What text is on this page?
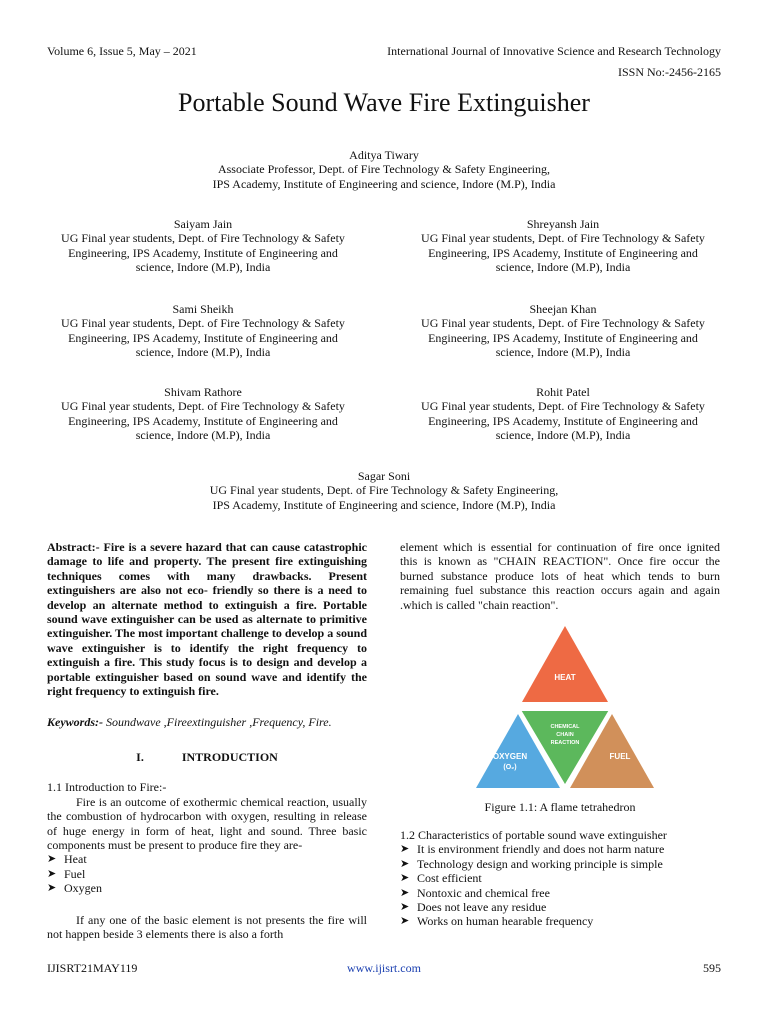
Volume 6, Issue 5, May – 2021	International Journal of Innovative Science and Research Technology
ISSN No:-2456-2165
Portable Sound Wave Fire Extinguisher
Aditya Tiwary
Associate Professor, Dept. of Fire Technology & Safety Engineering,
IPS Academy, Institute of Engineering and science, Indore (M.P), India
Saiyam Jain
UG Final year students, Dept. of Fire Technology & Safety
Engineering, IPS Academy, Institute of Engineering and
science, Indore (M.P), India
Shreyansh Jain
UG Final year students, Dept. of Fire Technology & Safety
Engineering, IPS Academy, Institute of Engineering and
science, Indore (M.P), India
Sami Sheikh
UG Final year students, Dept. of Fire Technology & Safety
Engineering, IPS Academy, Institute of Engineering and
science, Indore (M.P), India
Sheejan Khan
UG Final year students, Dept. of Fire Technology & Safety
Engineering, IPS Academy, Institute of Engineering and
science, Indore (M.P), India
Shivam Rathore
UG Final year students, Dept. of Fire Technology & Safety
Engineering, IPS Academy, Institute of Engineering and
science, Indore (M.P), India
Rohit Patel
UG Final year students, Dept. of Fire Technology & Safety
Engineering, IPS Academy, Institute of Engineering and
science, Indore (M.P), India
Sagar Soni
UG Final year students, Dept. of Fire Technology & Safety Engineering,
IPS Academy, Institute of Engineering and science, Indore (M.P), India

Abstract:- Fire is a severe hazard that can cause catastrophic damage to life and property. The present fire extinguishing techniques comes with many drawbacks. Present extinguishers are also not eco- friendly so there is a need to develop an alternate method to extinguish a fire. Portable sound wave extinguisher can be used as alternate to primitive extinguisher. The most important challenge to develop a sound wave extinguisher is to identify the right frequency to extinguish a fire. This study focus is to design and develop a portable extinguisher based on sound wave and identify the right frequency to extinguish fire.

Keywords:- Soundwave ,Fireextinguisher ,Frequency, Fire.

I.	INTRODUCTION

1.1 Introduction to Fire:-

Fire is an outcome of exothermic chemical reaction, usually the combustion of hydrocarbon with oxygen, resulting in release of huge energy in form of heat, light and sound. Three basic components must be present to produce fire they are-

➤ Heat
➤ Fuel
➤ Oxygen

If any one of the basic element is not presents the fire will not happen beside 3 elements there is also a forth

element which is essential for continuation of fire once ignited this is known as "CHAIN REACTION". Once fire occur the burned substance produce lots of heat which tends to burn remaining fuel substance this reaction occurs again and again .which is called "chain reaction".

HEAT
FUEL
OXYGEN
(O₂)
CHEMICAL
CHAIN
REACTION
Figure 1.1: A flame tetrahedron

1.2 Characteristics of portable sound wave extinguisher

➤ It is environment friendly and does not harm nature
➤ Technology design and working principle is simple
➤ Cost efficient
➤ Nontoxic and chemical free
➤ Does not leave any residue
➤ Works on human hearable frequency
IJISRT21MAY119	www.ijisrt.com	595
